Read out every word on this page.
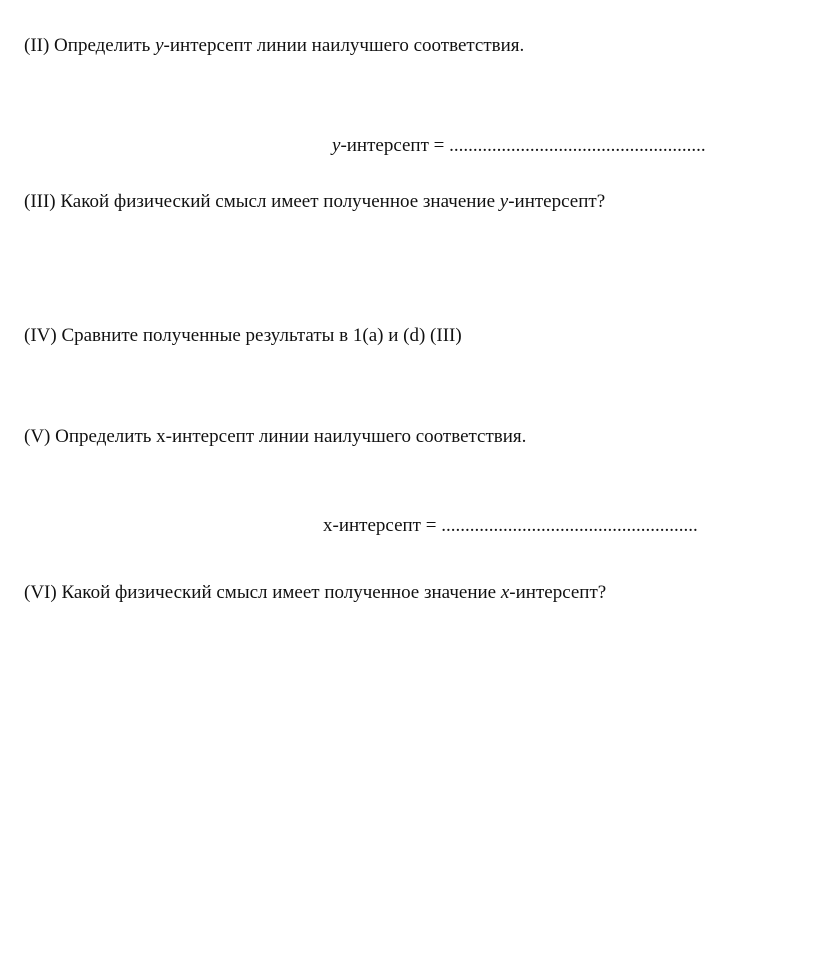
(II) Определить y-интерсепт линии наилучшего соответствия.
y-интерсепт = ......................................................
(III) Какой физический смысл имеет полученное значение y-интерсепт?
(IV) Сравните полученные результаты в 1(a) и (d) (III)
(V) Определить x-интерсепт линии наилучшего соответствия.
x-интерсепт = ......................................................
(VI) Какой физический смысл имеет полученное значение x-интерсепт?
